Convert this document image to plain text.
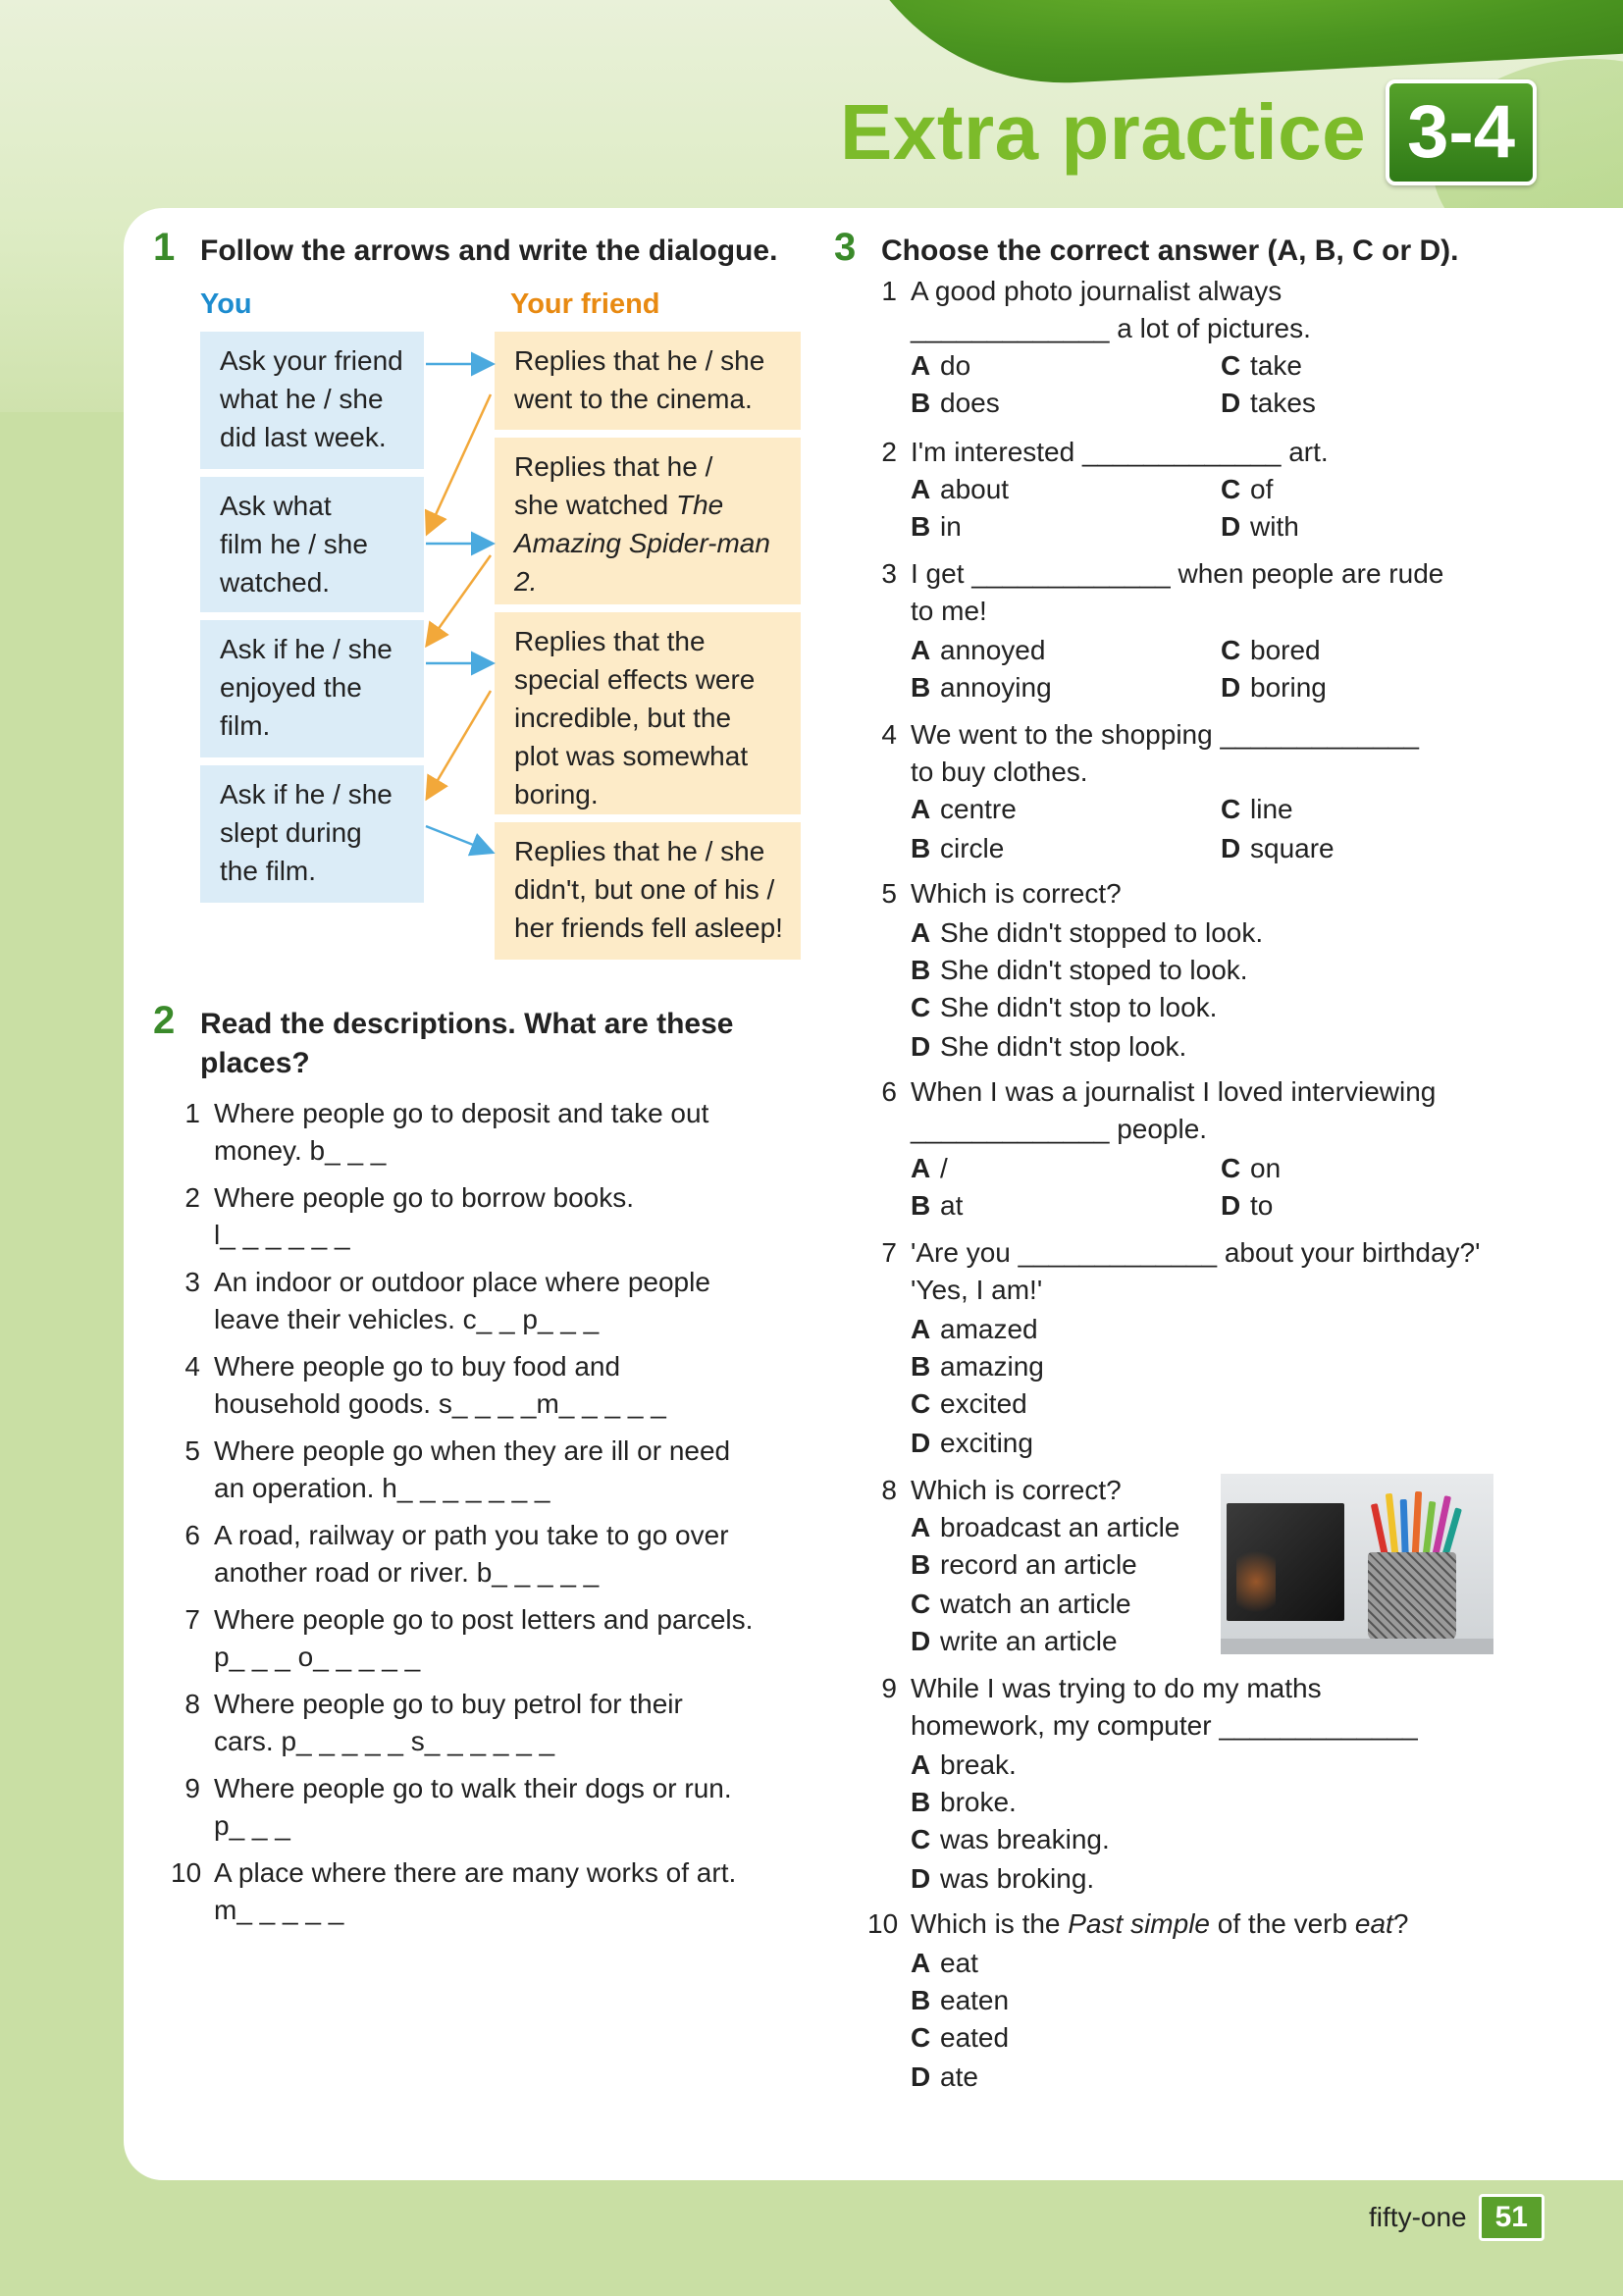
Extra practice 3-4
1 Follow the arrows and write the dialogue.
You	Your friend
Ask your friend
what he / she
did last week.
Ask what
film he / she
watched.
Ask if he / she
enjoyed the
film.
Ask if he / she
slept during
the film.
Replies that he / she
went to the cinema.
Replies that he /
she watched The
Amazing Spider-man
2.
Replies that the
special effects were
incredible, but the
plot was somewhat
boring.
Replies that he / she
didn't, but one of his /
her friends fell asleep!
2 Read the descriptions. What are these
places?
1 Where people go to deposit and take out
money. b_ _ _
2 Where people go to borrow books.
l_ _ _ _ _ _
3 An indoor or outdoor place where people
leave their vehicles. c_ _ p_ _ _
4 Where people go to buy food and
household goods. s_ _ _ _m_ _ _ _ _
5 Where people go when they are ill or need
an operation. h_ _ _ _ _ _ _
6 A road, railway or path you take to go over
another road or river. b_ _ _ _ _
7 Where people go to post letters and parcels.
p_ _ _ o_ _ _ _ _
8 Where people go to buy petrol for their
cars. p_ _ _ _ _ s_ _ _ _ _ _
9 Where people go to walk their dogs or run.
p_ _ _
10 A place where there are many works of art.
m_ _ _ _ _
3 Choose the correct answer (A, B, C or D).
1 A good photo journalist always
_____________ a lot of pictures.
A do
B does
C take
D takes
2 I'm interested _____________ art.
A about
B in
C of
D with
3 I get _____________ when people are rude
to me!
A annoyed
B annoying
C bored
D boring
4 We went to the shopping _____________
to buy clothes.
A centre
B circle
C line
D square
5 Which is correct?
A She didn't stopped to look.
B She didn't stoped to look.
C She didn't stop to look.
D She didn't stop look.
6 When I was a journalist I loved interviewing
_____________ people.
A /
B at
C on
D to
7 'Are you _____________ about your birthday?'
'Yes, I am!'
A amazed
B amazing
C excited
D exciting
8 Which is correct?
A broadcast an article
B record an article
C watch an article
D write an article
9 While I was trying to do my maths
homework, my computer _____________
A break.
B broke.
C was breaking.
D was broking.
10 Which is the Past simple of the verb eat?
A eat
B eaten
C eated
D ate
fifty-one 51
